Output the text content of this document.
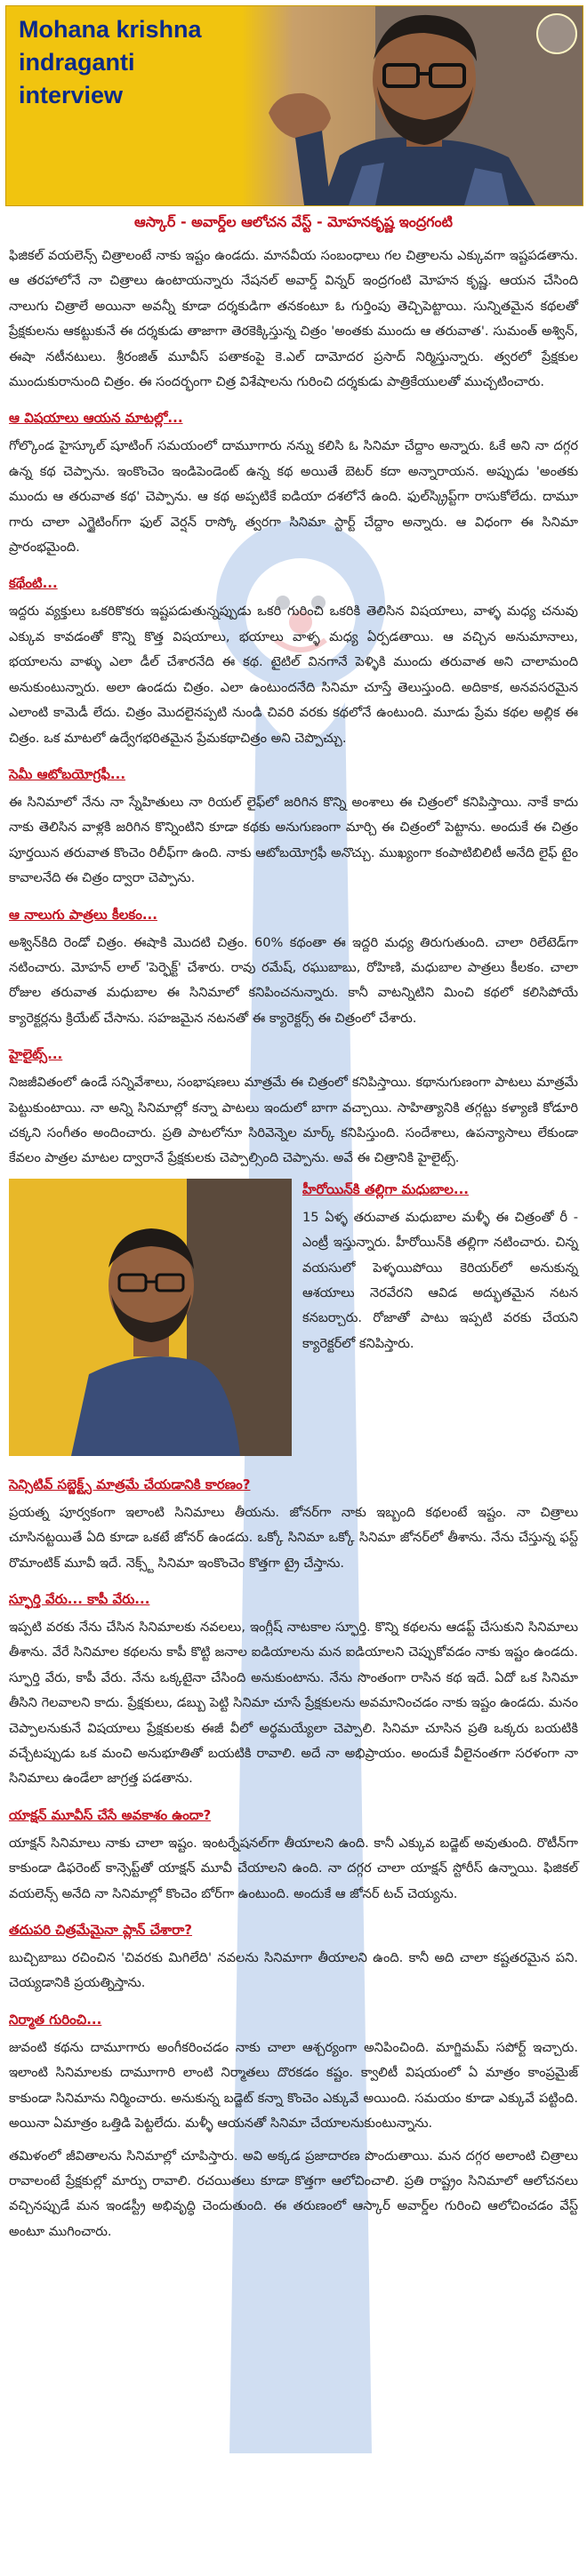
Mohana krishna indraganti
interview
ఆస్కార్ - అవార్డ్‌ల ఆలోచన వేస్ట్ - మోహనకృష్ణ ఇంద్రగంటి

ఫిజికల్ వయలెన్స్ చిత్రాలంటే నాకు ఇష్టం ఉండదు. మానవీయ సంబంధాలు గల చిత్రాలను ఎక్కువగా ఇష్టపడతాను. ఆ తరహాలోనే నా చిత్రాలు ఉంటాయన్నారు నేషనల్ అవార్డ్ విన్నర్ ఇంద్రగంటి మోహన కృష్ణ. ఆయన చేసింది నాలుగు చిత్రాలే అయినా అవన్నీ కూడా దర్శకుడిగా తనకంటూ ఓ గుర్తింపు తెచ్చిపెట్టాయి. సున్నితమైన కథలతో ప్రేక్షకులను ఆకట్టుకునే ఈ దర్శకుడు తాజాగా తెరకెక్కిస్తున్న చిత్రం 'అంతకు ముందు ఆ తరువాత'. సుమంత్ అశ్విన్, ఈషా నటీనటులు. శ్రీరంజిత్ మూవీస్ పతాకంపై కె.ఎల్ దామోదర ప్రసాద్ నిర్మిస్తున్నారు. త్వరలో ప్రేక్షకుల ముందుకురానుంది చిత్రం. ఈ సందర్భంగా చిత్ర విశేషాలను గురించి దర్శకుడు పాత్రికేయులతో ముచ్చటించారు.

ఆ విషయాలు ఆయన మాటల్లో...

గోల్కొండ హైస్కూల్ షూటింగ్ సమయంలో దామూగారు నన్ను కలిసి ఓ సినిమా చేద్దాం అన్నారు. ఓకే అని నా దగ్గర ఉన్న కథ చెప్పాను. ఇంకొంచెం ఇండిపెండెంట్ ఉన్న కథ అయితే బెటర్ కదా అన్నారాయన. అప్పుడు 'అంతకు ముందు ఆ తరువాత కథ' చెప్పాను. ఆ కథ అప్పటికే ఐడియా దశలోనే ఉంది. ఫుల్‌స్క్రిప్ట్‌గా రాసుకోలేదు. దామూ గారు చాలా ఎగ్జైటింగ్‌గా ఫుల్ వెర్షన్ రాస్కో త్వరగా సినిమా స్టార్ట్ చేద్దాం అన్నారు. ఆ విధంగా ఈ సినిమా ప్రారంభమైంది.

కథేంటి...

ఇద్దరు వ్యక్తులు ఒకరికొకరు ఇష్టపడుతున్నప్పుడు ఒకరి గురించి ఒకరికి తెలిసిన విషయాలు, వాళ్ళ మధ్య చనువు ఎక్కువ కావడంతో కొన్ని కొత్త విషయాలు, భయాలు వాళ్ళ మధ్య ఏర్పడతాయి. ఆ వచ్చిన అనుమానాలు, భయాలను వాళ్ళు ఎలా డీల్ చేశారనేది ఈ కథ. టైటిల్ వినగానే పెళ్ళికి ముందు తరువాత అని చాలామంది అనుకుంటున్నారు. అలా ఉండదు చిత్రం. ఎలా ఉంటుందనేది సినిమా చూస్తే తెలుస్తుంది. అదికాక, అనవసరమైన ఎలాంటి కామెడీ లేదు. చిత్రం మొదలైనప్పటి నుండి చివరి వరకు కథలోనే ఉంటుంది. మూడు ప్రేమ కథల అల్లిక ఈ చిత్రం. ఒక మాటలో ఉద్వేగభరితమైన ప్రేమకథాచిత్రం అని చెప్పొచ్చు.

సెమీ ఆటోబయోగ్రఫీ...

ఈ సినిమాలో నేను నా స్నేహితులు నా రియల్ లైఫ్‌లో జరిగిన కొన్ని అంశాలు ఈ చిత్రంలో కనిపిస్తాయి. నాకే కాదు నాకు తెలిసిన వాళ్లకి జరిగిన కొన్నింటిని కూడా కథకు అనుగుణంగా మార్చి ఈ చిత్రంలో పెట్టాను. అందుకే ఈ చిత్రం పూర్తయిన తరువాత కొంచెం రిలీఫ్‌గా ఉంది. నాకు ఆటోబయోగ్రఫీ అనొచ్చు. ముఖ్యంగా కంపాటిబిలిటీ అనేది లైఫ్ టైం కావాలనేది ఈ చిత్రం ద్వారా చెప్పాను.

ఆ నాలుగు పాత్రలు కీలకం...

అశ్విన్‌కిది రెండో చిత్రం. ఈషాకి మొదటి చిత్రం. 60% కథంతా ఈ ఇద్దరి మధ్య తిరుగుతుంది. చాలా రిలేటెడ్‌గా నటించారు. మోహన్ లాల్ 'పెర్ఫెక్ట్' చేశారు. రావు రమేష్, రఘుబాబు, రోహిణి, మధుబాల పాత్రలు కీలకం. చాలా రోజుల తరువాత మధుబాల ఈ సినిమాలో కనిపించనున్నారు. కానీ వాటన్నిటిని మించి కథలో కలిసిపోయే క్యారెక్టర్లను క్రియేట్ చేసాను. సహజమైన నటనతో ఈ క్యారెక్టర్స్ ఈ చిత్రంలో చేశారు.

హైలైట్స్...

నిజజీవితంలో ఉండే సన్నివేశాలు, సంభాషణలు మాత్రమే ఈ చిత్రంలో కనిపిస్తాయి. కథానుగుణంగా పాటలు మాత్రమే పెట్టుకుంటాయి. నా అన్ని సినిమాల్లో కన్నా పాటలు ఇందులో బాగా వచ్చాయి. సాహిత్యానికి తగ్గట్టు కళ్యాణి కోడూరి చక్కని సంగీతం అందించారు. ప్రతి పాటలోనూ సిరివెన్నెల మార్క్ కనిపిస్తుంది. సందేశాలు, ఉపన్యాసాలు లేకుండా కేవలం పాత్రల మాటల ద్వారానే ప్రేక్షకులకు చెప్పాల్సింది చెప్పాను. అవే ఈ చిత్రానికి హైలైట్స్.

హీరోయిన్‌కి తల్లిగా మధుబాల...

15 ఏళ్ళ తరువాత మధుబాల మళ్ళీ ఈ చిత్రంతో రీ - ఎంట్రీ ఇస్తున్నారు. హీరోయిన్‌కి తల్లిగా నటించారు. చిన్న వయసులో పెళ్ళయిపోయి కెరియర్‌లో అనుకున్న ఆశయాలు నెరవేరని ఆవిడ అద్భుతమైన నటన కనబర్చారు. రోజాతో పాటు ఇప్పటి వరకు చేయని క్యారెక్టర్‌లో కనిపిస్తారు.

సెన్సిటివ్ సబ్జెక్ట్స్ మాత్రమే చేయడానికి కారణం?

ప్రయత్న పూర్వకంగా ఇలాంటి సినిమాలు తీయను. జోనర్‌గా నాకు ఇబ్బంది కథలంటే ఇష్టం. నా చిత్రాలు చూసినట్టయితే ఏది కూడా ఒకటే జోనర్ ఉండదు. ఒక్కో సినిమా ఒక్కో సినిమా జోనర్‌లో తీశాను. నేను చేస్తున్న ఫస్ట్ రొమాంటిక్ మూవీ ఇదే. నెక్స్ట్ సినిమా ఇంకొంచెం కొత్తగా ట్రై చేస్తాను.

స్ఫూర్తి వేరు... కాపీ వేరు...

ఇప్పటి వరకు నేను చేసిన సినిమాలకు నవలలు, ఇంగ్లీష్ నాటకాల స్ఫూర్తి. కొన్ని కథలను ఆడప్ట్ చేసుకుని సినిమాలు తీశాను. వేరే సినిమాల కథలను కాపీ కొట్టి జనాల ఐడియాలను మన ఐడియాలని చెప్పుకోవడం నాకు ఇష్టం ఉండదు. స్ఫూర్తి వేరు, కాపీ వేరు. నేను ఒక్కటైనా చేసింది అనుకుంటాను. నేను సొంతంగా రాసిన కథ ఇదే. ఏదో ఒక సినిమా తీసిని గెలవాలని కాదు. ప్రేక్షకులు, డబ్బు పెట్టి సినిమా చూసే ప్రేక్షకులను అవమానించడం నాకు ఇష్టం ఉండదు. మనం చెప్పాలనుకునే విషయాలు ప్రేక్షకులకు ఈజీ వీలో అర్థమయ్యేలా చెప్పాలి. సినిమా చూసిన ప్రతి ఒక్కరు బయటికి వచ్చేటప్పుడు ఒక మంచి అనుభూతితో బయటికి రావాలి. అదే నా అభిప్రాయం. అందుకే వీలైనంతగా సరళంగా నా సినిమాలు ఉండేలా జాగ్రత్త పడతాను.

యాక్షన్ మూవీస్ చేసే అవకాశం ఉందా?

యాక్షన్ సినిమాలు నాకు చాలా ఇష్టం. ఇంటర్నేషనల్‌గా తీయాలని ఉంది. కానీ ఎక్కువ బడ్జెట్ అవుతుంది. రొటీన్‌గా కాకుండా డిఫరెంట్ కాన్సెప్ట్‌తో యాక్షన్ మూవీ చేయాలని ఉంది. నా దగ్గర చాలా యాక్షన్ స్టోరీస్ ఉన్నాయి. ఫిజికల్ వయలెన్స్ అనేది నా సినిమాల్లో కొంచెం బోర్‌గా ఉంటుంది. అందుకే ఆ జోనర్ టచ్ చెయ్యను.

తదుపరి చిత్రమేమైనా ప్లాన్ చేశారా?

బుచ్చిబాబు రచించిన 'చివరకు మిగిలేది' నవలను సినిమాగా తీయాలని ఉంది. కానీ అది చాలా కష్టతరమైన పని. చెయ్యడానికి ప్రయత్నిస్తాను.

నిర్మాత గురించి...

జువంటి కథను దామూగారు అంగీకరించడం నాకు చాలా ఆశ్చర్యంగా అనిపించింది. మాగ్జిమమ్ సపోర్ట్ ఇచ్చారు. ఇలాంటి సినిమాలకు దామూగారి లాంటి నిర్మాతలు దొరకడం కష్టం. క్వాలిటీ విషయంలో ఏ మాత్రం కాంప్రమైజ్ కాకుండా సినిమాను నిర్మించారు. అనుకున్న బడ్జెట్ కన్నా కొంచెం ఎక్కువే అయింది. సమయం కూడా ఎక్కువే పట్టింది. అయినా ఏమాత్రం ఒత్తిడి పెట్టలేదు. మళ్ళీ ఆయనతో సినిమా చేయాలనుకుంటున్నాను.

తమిళంలో జీవితాలను సినిమాల్లో చూపిస్తారు. అవి అక్కడ ప్రజాదారణ పొందుతాయి. మన దగ్గర అలాంటి చిత్రాలు రావాలంటే ప్రేక్షకుల్లో మార్పు రావాలి. రచయితలు కూడా కొత్తగా ఆలోచించాలి. ప్రతి రాష్ట్రం సినిమాలో ఆలోచనలు వచ్చినప్పుడే మన ఇండస్ట్రీ అభివృద్ధి చెందుతుంది. ఈ తరుణంలో ఆస్కార్ అవార్డ్‌ల గురించి ఆలోచించడం వేస్ట్ అంటూ ముగించారు.
